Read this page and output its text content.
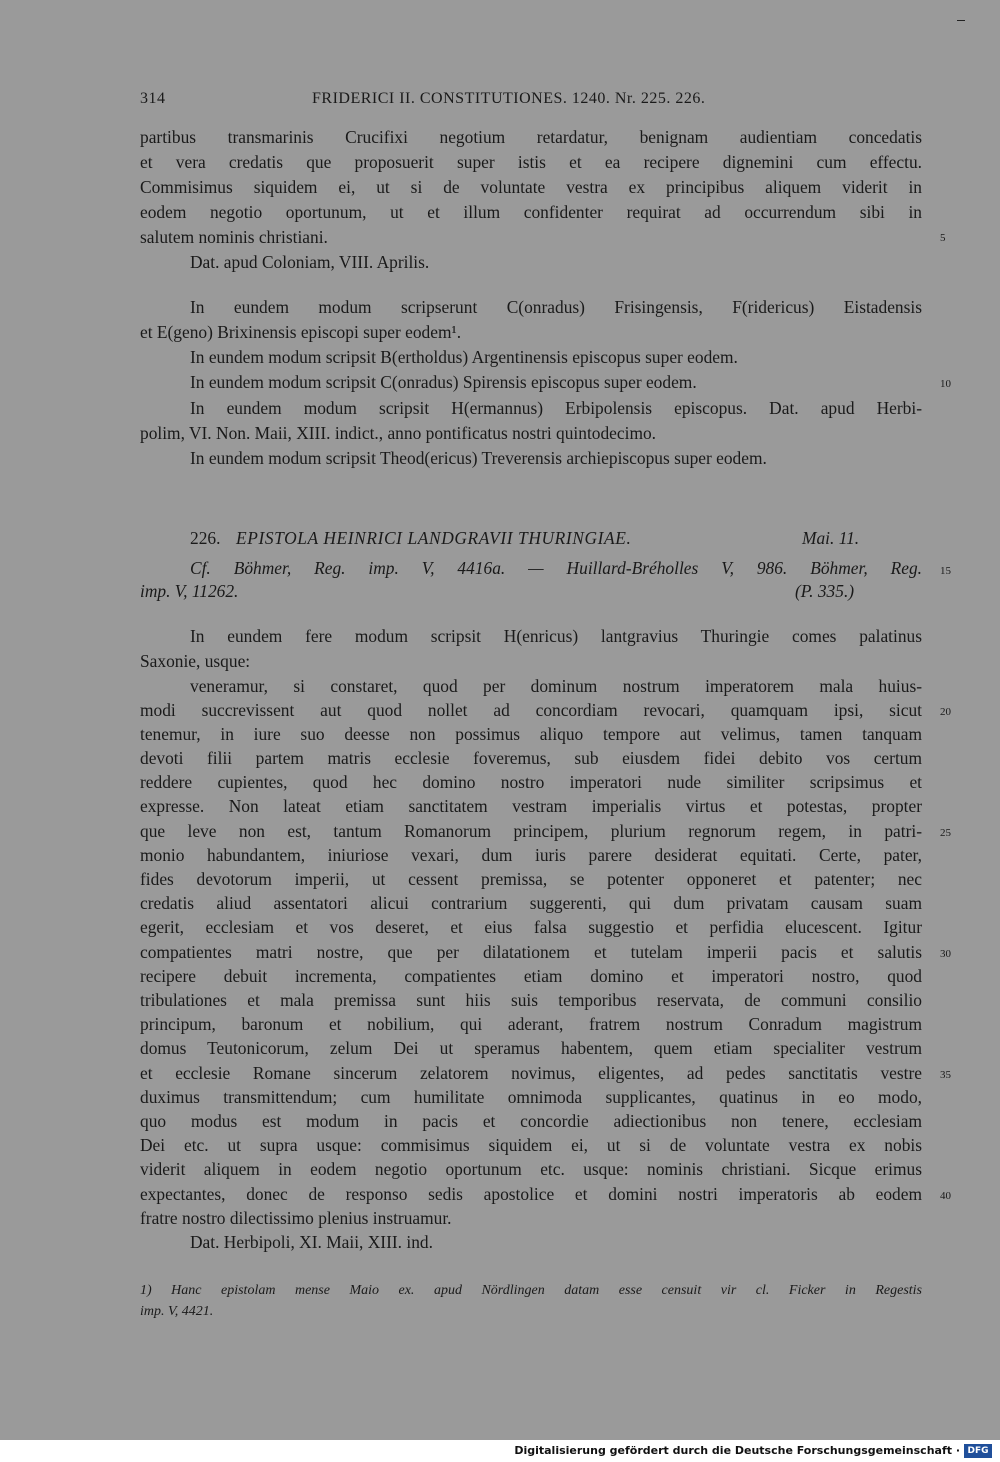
314	FRIDERICI II. CONSTITUTIONES. 1240. Nr. 225. 226.
partibus transmarinis Crucifixi negotium retardatur, benignam audientiam concedatis
et vera credatis que proposuerit super istis et ea recipere dignemini cum effectu.
Commisimus siquidem ei, ut si de voluntate vestra ex principibus aliquem viderit in
eodem negotio oportunum, ut et illum confidenter requirat ad occurrendum sibi in
salutem nominis christiani.
Dat. apud Coloniam, VIII. Aprilis.
In eundem modum scripserunt C(onradus) Frisingensis, F(ridericus) Eistadensis
et E(geno) Brixinensis episcopi super eodem¹.
In eundem modum scripsit B(ertholdus) Argentinensis episcopus super eodem.
In eundem modum scripsit C(onradus) Spirensis episcopus super eodem.
In eundem modum scripsit H(ermannus) Erbipolensis episcopus. Dat. apud Herbi-
polim, VI. Non. Maii, XIII. indict., anno pontificatus nostri quintodecimo.
In eundem modum scripsit Theod(ericus) Treverensis archiepiscopus super eodem.
226. EPISTOLA HEINRICI LANDGRAVII THURINGIAE.	Mai. 11.
Cf. Böhmer, Reg. imp. V, 4416a. — Huillard-Bréholles V, 986. Böhmer, Reg.
imp. V, 11262.	(P. 335.)
In eundem fere modum scripsit H(enricus) lantgravius Thuringie comes palatinus
Saxonie, usque:
veneramur, si constaret, quod per dominum nostrum imperatorem mala huius-
modi succrevissent aut quod nollet ad concordiam revocari, quamquam ipsi, sicut
tenemur, in iure suo deesse non possimus aliquo tempore aut velimus, tamen tanquam
devoti filii partem matris ecclesie foveremus, sub eiusdem fidei debito vos certum
reddere cupientes, quod hec domino nostro imperatori nude similiter scripsimus et
expresse. Non lateat etiam sanctitatem vestram imperialis virtus et potestas, propter
que leve non est, tantum Romanorum principem, plurium regnorum regem, in patri-
monio habundantem, iniuriose vexari, dum iuris parere desiderat equitati. Certe, pater,
fides devotorum imperii, ut cessent premissa, se potenter opponeret et patenter; nec
credatis aliud assentatori alicui contrarium suggerenti, qui dum privatam causam suam
egerit, ecclesiam et vos deseret, et eius falsa suggestio et perfidia elucescent. Igitur
compatientes matri nostre, que per dilatationem et tutelam imperii pacis et salutis
recipere debuit incrementa, compatientes etiam domino et imperatori nostro, quod
tribulationes et mala premissa sunt hiis suis temporibus reservata, de communi consilio
principum, baronum et nobilium, qui aderant, fratrem nostrum Conradum magistrum
domus Teutonicorum, zelum Dei ut speramus habentem, quem etiam specialiter vestrum
et ecclesie Romane sincerum zelatorem novimus, eligentes, ad pedes sanctitatis vestre
duximus transmittendum; cum humilitate omnimoda supplicantes, quatinus in eo modo,
quo modus est modum in pacis et concordie adiectionibus non tenere, ecclesiam
Dei etc. ut supra usque: commisimus siquidem ei, ut si de voluntate vestra ex nobis
viderit aliquem in eodem negotio oportunum etc. usque: nominis christiani. Sicque erimus
expectantes, donec de responso sedis apostolice et domini nostri imperatoris ab eodem
fratre nostro dilectissimo plenius instruamur.
Dat. Herbipoli, XI. Maii, XIII. ind.
5
10
15
20
25
30
35
40
1) Hanc epistolam mense Maio ex. apud Nördlingen datam esse censuit vir cl. Ficker in Regestis
imp. V, 4421.
Digitalisierung gefördert durch die Deutsche Forschungsgemeinschaft · DFG
